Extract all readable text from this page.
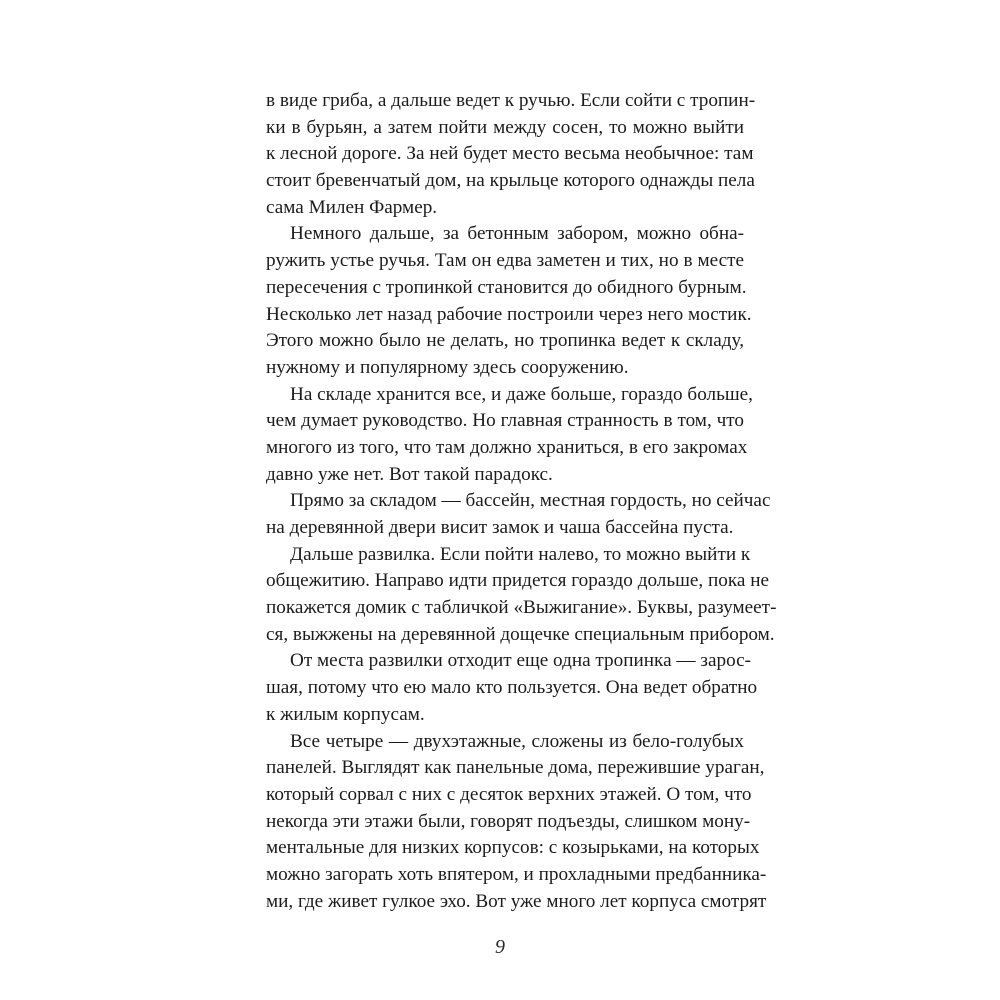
в виде гриба, а дальше ведет к ручью. Если сойти с тропин-
ки в бурьян, а затем пойти между сосен, то можно выйти
к лесной дороге. За ней будет место весьма необычное: там
стоит бревенчатый дом, на крыльце которого однажды пела
сама Милен Фармер.
Немного дальше, за бетонным забором, можно обна-
ружить устье ручья. Там он едва заметен и тих, но в месте
пересечения с тропинкой становится до обидного бурным.
Несколько лет назад рабочие построили через него мостик.
Этого можно было не делать, но тропинка ведет к складу,
нужному и популярному здесь сооружению.
На складе хранится все, и даже больше, гораздо больше,
чем думает руководство. Но главная странность в том, что
многого из того, что там должно храниться, в его закромах
давно уже нет. Вот такой парадокс.
Прямо за складом — бассейн, местная гордость, но сейчас
на деревянной двери висит замок и чаша бассейна пуста.
Дальше развилка. Если пойти налево, то можно выйти к
общежитию. Направо идти придется гораздо дольше, пока не
покажется домик с табличкой «Выжигание». Буквы, разумеет-
ся, выжжены на деревянной дощечке специальным прибором.
От места развилки отходит еще одна тропинка — зарос-
шая, потому что ею мало кто пользуется. Она ведет обратно
к жилым корпусам.
Все четыре — двухэтажные, сложены из бело-голубых
панелей. Выглядят как панельные дома, пережившие ураган,
который сорвал с них с десяток верхних этажей. О том, что
некогда эти этажи были, говорят подъезды, слишком мону-
ментальные для низких корпусов: с козырьками, на которых
можно загорать хоть впятером, и прохладными предбанника-
ми, где живет гулкое эхо. Вот уже много лет корпуса смотрят
9
